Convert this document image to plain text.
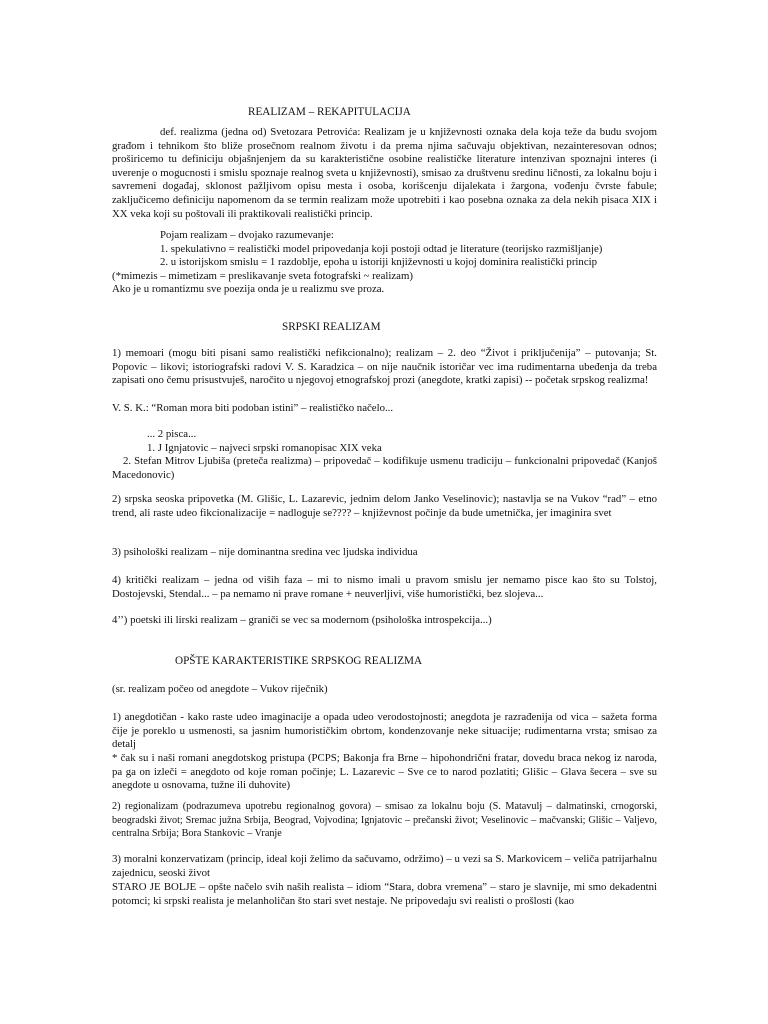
REALIZAM – REKAPITULACIJA

def. realizma (jedna od) Svetozara Petrovića: Realizam je u književnosti oznaka dela koja teže da budu svojom građom i tehnikom što bliže prosečnom realnom životu i da prema njima sačuvaju objektivan, nezainteresovan odnos; proširicemo tu definiciju objašnjenjem da su karakteristične osobine realističke literature intenzivan spoznajni interes (i uverenje o mogucnosti i smislu spoznaje realnog sveta u književnosti), smisao za društvenu sredinu ličnosti, za lokalnu boju i savremeni događaj, sklonost pažljivom opisu mesta i osoba, korišcenju dijalekata i žargona, vođenju čvrste fabule; zaključicemo definiciju napomenom da se termin realizam može upotrebiti i kao posebna oznaka za dela nekih pisaca XIX i XX veka koji su poštovali ili praktikovali realistički princip.

Pojam realizam – dvojako razumevanje:
1. spekulativno = realistički model pripovedanja koji postoji odtad je literature (teorijsko razmišljanje)
2. u istorijskom smislu = 1 razdoblje, epoha u istoriji književnosti u kojoj dominira realistički princip
(*mimezis – mimetizam = preslikavanje sveta fotografski ~ realizam)
Ako je u romantizmu sve poezija onda je u realizmu sve proza.
SRPSKI REALIZAM

1) memoari (mogu biti pisani samo realistički nefikcionalno); realizam – 2. deo “Život i priključenija” – putovanja; St. Popovic – likovi; istoriografski radovi V. S. Karadzica – on nije naučnik istoričar vec ima rudimentarna ubeđenja da treba zapisati ono čemu prisustvuješ, naročito u njegovoj etnografskoj prozi (anegdote, kratki zapisi) -- početak srpskog realizma!

V. S. K.: “Roman mora biti podoban istini” – realističko načelo...

... 2 pisca...
1. J Ignjatovic – najveci srpski romanopisac XIX veka

2. Stefan Mitrov Ljubiša (preteča realizma) – pripovedač – kodifikuje usmenu tradiciju – funkcionalni pripovedač (Kanjoš Macedonovic)

2) srpska seoska pripovetka (M. Glišic, L. Lazarevic, jednim delom Janko Veselinovic); nastavlja se na Vukov “rad” – etno trend, ali raste udeo fikcionalizacije = nadloguje se???? – književnost počinje da bude umetnička, jer imaginira svet

3) psihološki realizam – nije dominantna sredina vec ljudska individua

4) kritički realizam – jedna od viših faza – mi to nismo imali u pravom smislu jer nemamo pisce kao što su Tolstoj, Dostojevski, Stendal... – pa nemamo ni prave romane + neuverljivi, više humoristički, bez slojeva...

4’’) poetski ili lirski realizam – graniči se vec sa modernom (psihološka introspekcija...)

OPŠTE KARAKTERISTIKE SRPSKOG REALIZMA

(sr. realizam počeo od anegdote – Vukov riječnik)

1) anegdotičan - kako raste udeo imaginacije a opada udeo verodostojnosti; anegdota je razrađenija od vica – sažeta forma čije je poreklo u usmenosti, sa jasnim humorističkim obrtom, kondenzovanje neke situacije; rudimentarna vrsta; smisao za detalj

* čak su i naši romani anegdotskog pristupa (PCPS; Bakonja fra Brne – hipohondrični fratar, dovedu braca nekog iz naroda, pa ga on izleči = anegdoto od koje roman počinje; L. Lazarevic – Sve ce to narod pozlatiti; Glišic – Glava šecera – sve su anegdote u osnovama, tužne ili duhovite)

2) regionalizam (podrazumeva upotrebu regionalnog govora) – smisao za lokalnu boju (S. Matavulj – dalmatinski, crnogorski, beogradski život; Sremac južna Srbija, Beograd, Vojvodina; Ignjatovic – prečanski život; Veselinovic – mačvanski; Glišic – Valjevo, centralna Srbija; Bora Stankovic – Vranje

3) moralni konzervatizam (princip, ideal koji želimo da sačuvamo, održimo) – u vezi sa S. Markovicem – veliča patrijarhalnu zajednicu, seoski život

STARO JE BOLJE – opšte načelo svih naših realista – idiom “Stara, dobra vremena” – staro je slavnije, mi smo dekadentni potomci; ki srpski realista je melanholičan što stari svet nestaje. Ne pripovedaju svi realisti o prošlosti (kao
